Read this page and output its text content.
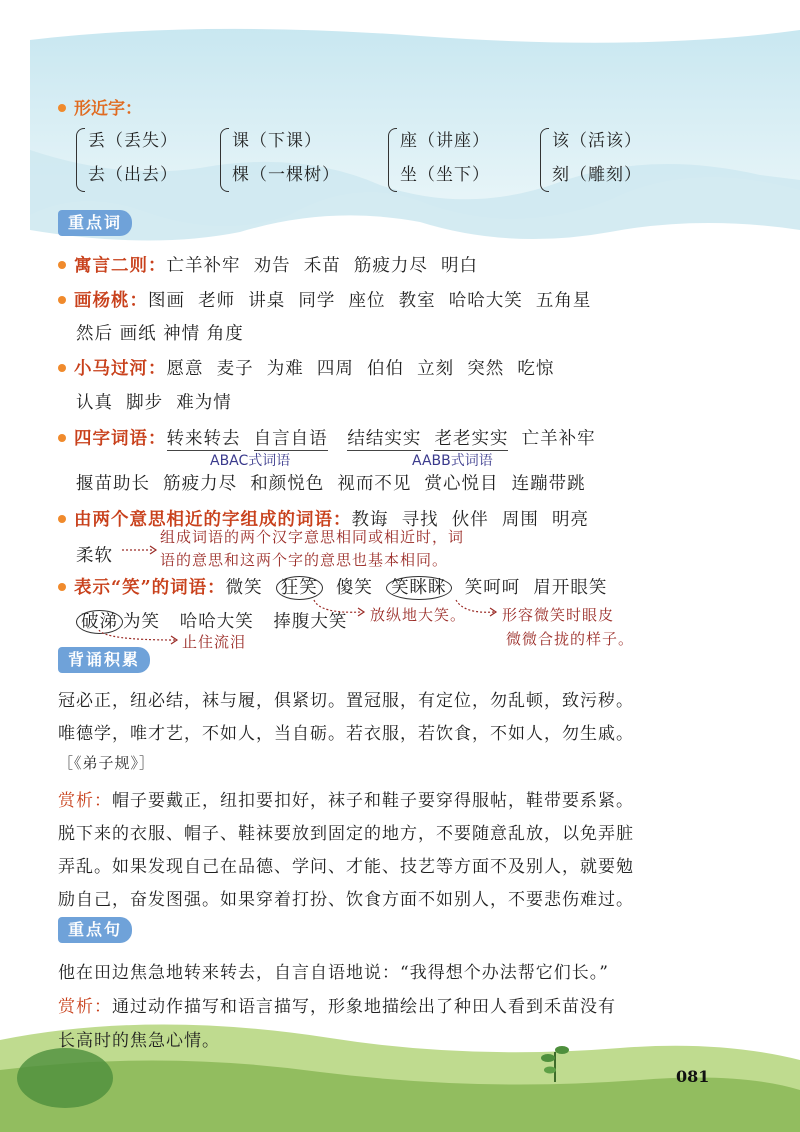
形近字：
丢（丢失）
去（出去）
课（下课）
棵（一棵树）
座（讲座）
坐（坐下）
该（活该）
刻（雕刻）
重点词
寓言二则：亡羊补牢  劝告  禾苗  筋疲力尽  明白
画杨桃：图画  老师  讲桌  同学  座位  教室  哈哈大笑  五角星
然后 画纸 神情 角度
小马过河：愿意  麦子  为难  四周  伯伯  立刻  突然  吃惊
认真  脚步  难为情
四字词语：转来转去 自言自语 结结实实 老老实实 亡羊补牢
ABAC式词语	AABB式词语
揠苗助长  筋疲力尽  和颜悦色  视而不见  赏心悦目  连蹦带跳
由两个意思相近的字组成的词语：教诲  寻找  伙伴  周围  明亮
柔软
组成词语的两个汉字意思相同或相近时，词
语的意思和这两个字的意思也基本相同。
表示“笑”的词语：微笑 狂笑 傻笑 笑眯眯 笑呵呵 眉开眼笑
破涕 为笑 哈哈大笑 捧腹大笑 放纵地大笑。 形容微笑时眼皮
微微合拢的样子。
止住流泪
背诵积累
冠必正，纽必结，袜与履，俱紧切。置冠服，有定位，勿乱顿，致污秽。
唯德学，唯才艺，不如人，当自砺。若衣服，若饮食，不如人，勿生戚。
［《弟子规》］
赏析：帽子要戴正，纽扣要扣好，袜子和鞋子要穿得服帖，鞋带要系紧。
脱下来的衣服、帽子、鞋袜要放到固定的地方，不要随意乱放，以免弄脏
弄乱。如果发现自己在品德、学问、才能、技艺等方面不及别人，就要勉
励自己，奋发图强。如果穿着打扮、饮食方面不如别人，不要悲伤难过。
重点句
他在田边焦急地转来转去，自言自语地说：“我得想个办法帮它们长。”
赏析：通过动作描写和语言描写，形象地描绘出了种田人看到禾苗没有
长高时的焦急心情。
081
